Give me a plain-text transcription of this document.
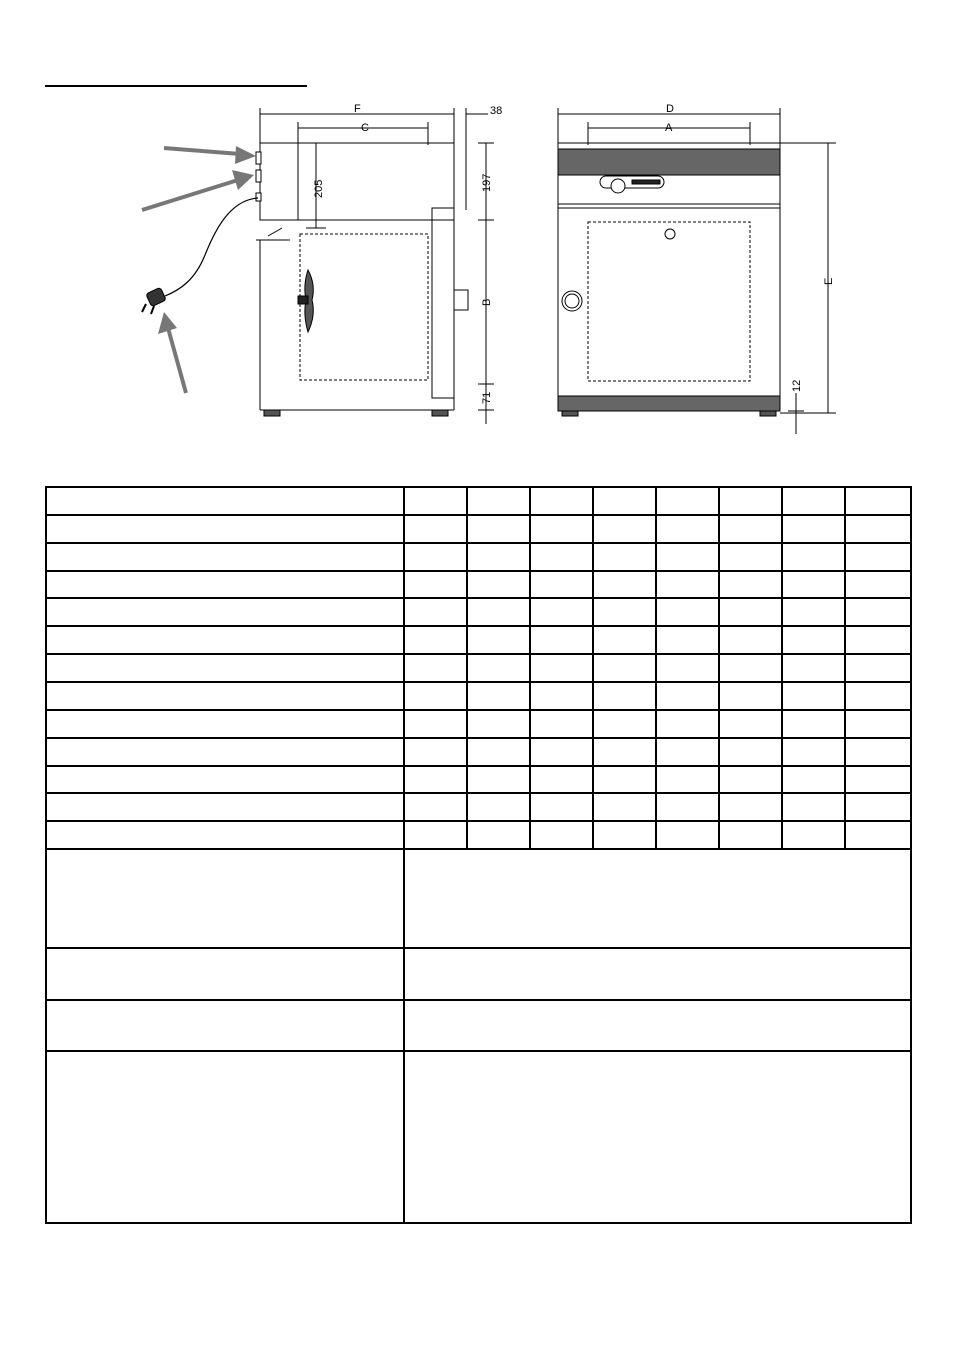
F
C
38
205	197
B
71
D
A
E
12
